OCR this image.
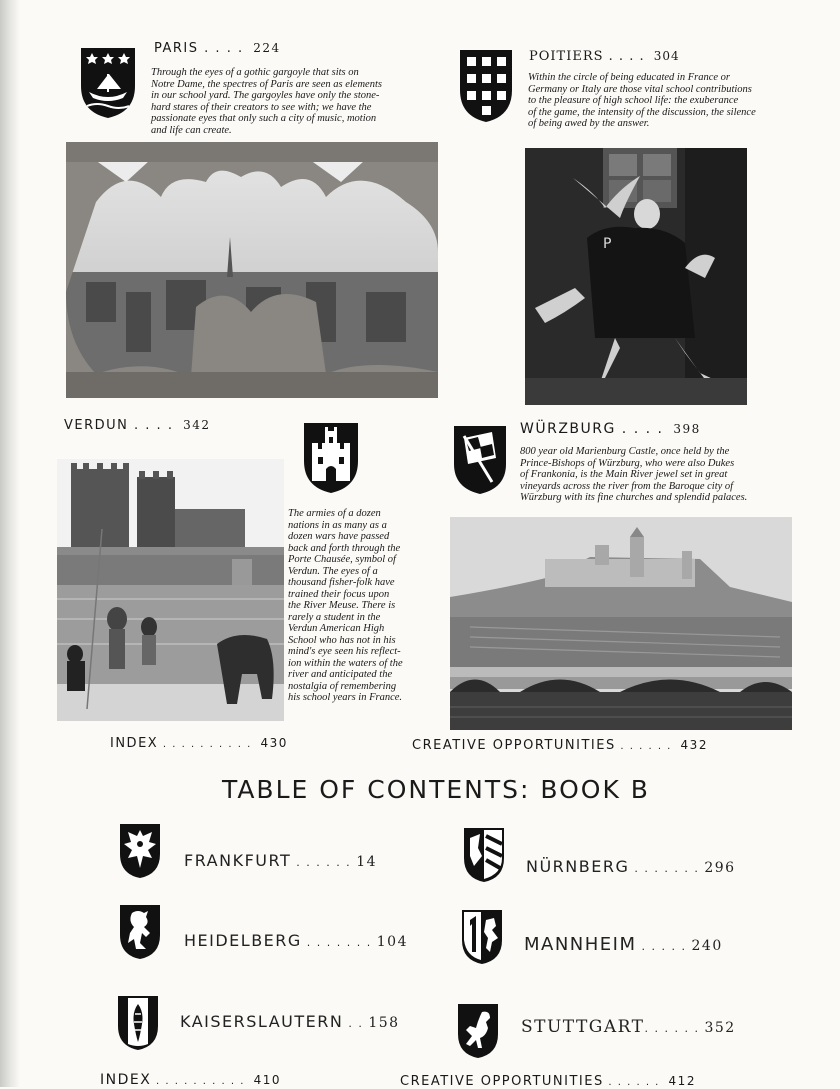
PARIS . . . . 224
Through the eyes of a gothic gargoyle that sits on
Notre Dame, the spectres of Paris are seen as elements
in our school yard. The gargoyles have only the stone-
hard stares of their creators to see with; we have the
passionate eyes that only such a city of music, motion
and life can create.
POITIERS . . . . 304
Within the circle of being educated in France or
Germany or Italy are those vital school contributions
to the pleasure of high school life: the exuberance
of the game, the intensity of the discussion, the silence
of being awed by the answer.
P
VERDUN . . . . 342
The armies of a dozen
nations in as many as a
dozen wars have passed
back and forth through the
Porte Chausée, symbol of
Verdun. The eyes of a
thousand fisher-folk have
trained their focus upon
the River Meuse. There is
rarely a student in the
Verdun American High
School who has not in his
mind's eye seen his reflect-
ion within the waters of the
river and anticipated the
nostalgia of remembering
his school years in France.
WÜRZBURG . . . . 398
800 year old Marienburg Castle, once held by the
Prince-Bishops of Würzburg, who were also Dukes
of Frankonia, is the Main River jewel set in great
vineyards across the river from the Baroque city of
Würzburg with its fine churches and splendid palaces.
INDEX . . . . . . . . . . 430	CREATIVE OPPORTUNITIES . . . . . . 432
TABLE OF CONTENTS: BOOK B
FRANKFURT . . . . . . 14	NÜRNBERG . . . . . . . 296
HEIDELBERG . . . . . . . 104	MANNHEIM . . . . . 240
KAISERSLAUTERN . . 158	STUTTGART. . . . . . 352
INDEX . . . . . . . . . . 410	CREATIVE OPPORTUNITIES . . . . . . 412
